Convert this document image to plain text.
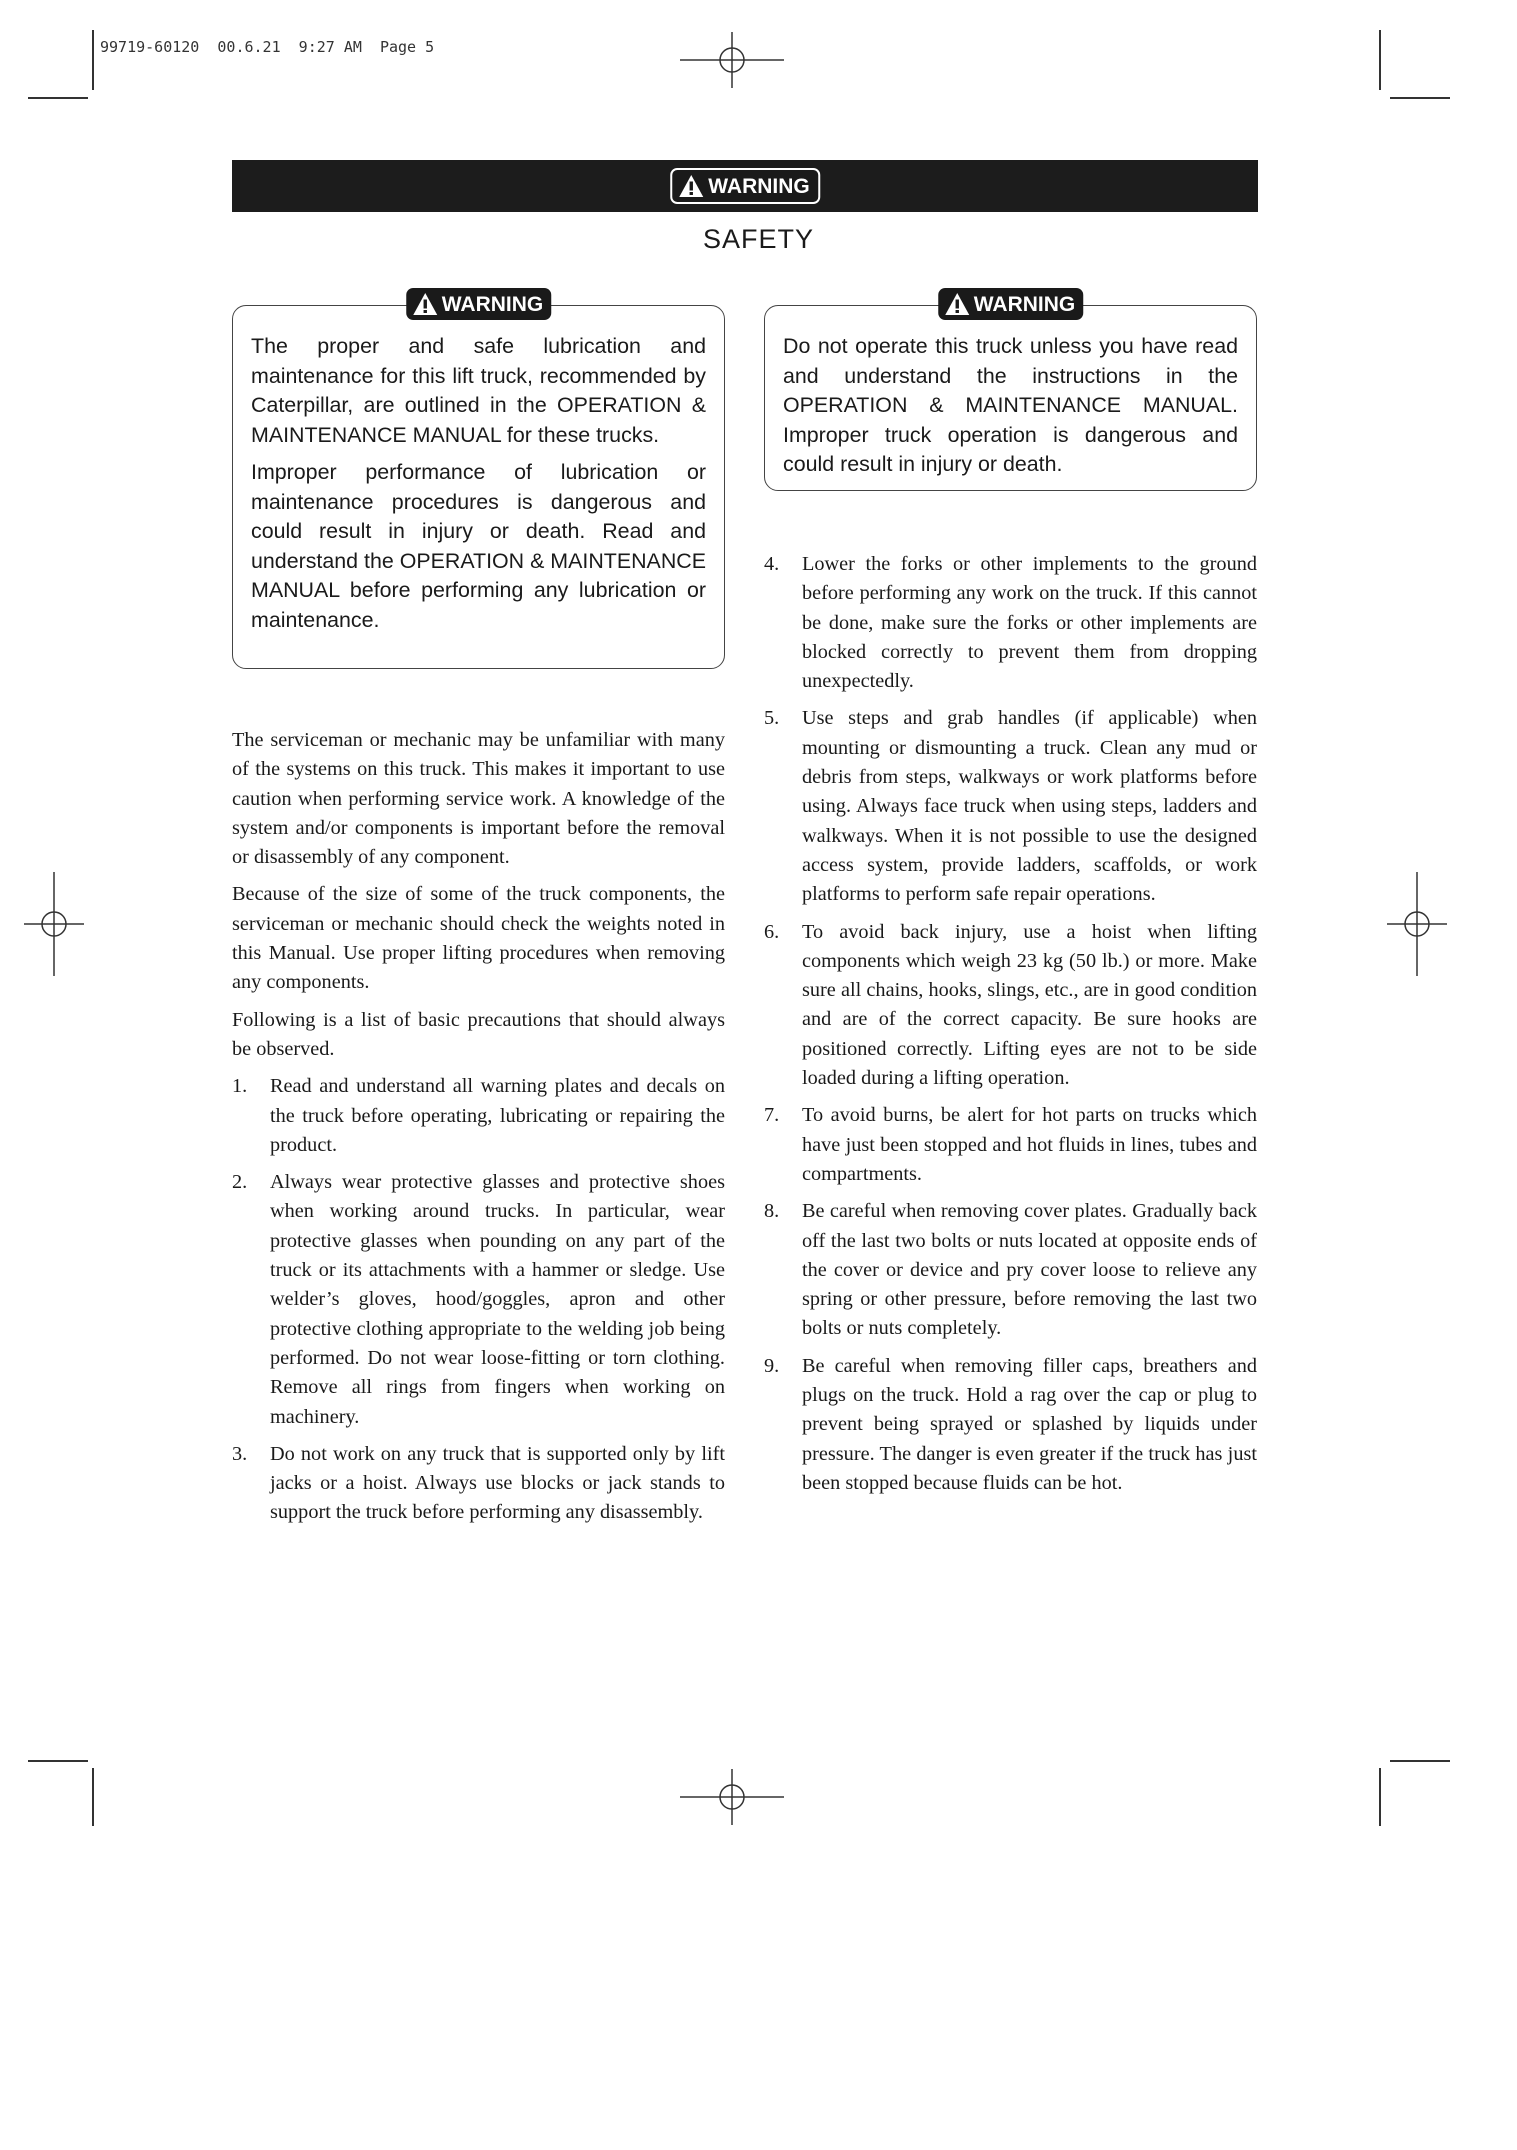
99719-60120  00.6.21  9:27 AM  Page 5
WARNING
SAFETY
WARNING

The proper and safe lubrication and maintenance for this lift truck, recommended by Caterpillar, are outlined in the OPERATION & MAINTENANCE MANUAL for these trucks.

Improper performance of lubrication or maintenance procedures is dangerous and could result in injury or death. Read and understand the OPERATION & MAINTENANCE MANUAL before performing any lubrication or maintenance.

WARNING

Do not operate this truck unless you have read and understand the instructions in the OPERATION & MAINTENANCE MANUAL. Improper truck operation is dangerous and could result in injury or death.

The serviceman or mechanic may be unfamiliar with many of the systems on this truck. This makes it important to use caution when performing service work. A knowledge of the system and/or components is important before the removal or disassembly of any component.

Because of the size of some of the truck components, the serviceman or mechanic should check the weights noted in this Manual. Use proper lifting procedures when removing any components.

Following is a list of basic precautions that should always be observed.

1.	Read and understand all warning plates and decals on the truck before operating, lubricating or repairing the product.
2.	Always wear protective glasses and protective shoes when working around trucks. In particular, wear protective glasses when pounding on any part of the truck or its attachments with a hammer or sledge. Use welder’s gloves, hood/goggles, apron and other protective clothing appropriate to the welding job being performed. Do not wear loose-fitting or torn clothing. Remove all rings from fingers when working on machinery.
3.	Do not work on any truck that is supported only by lift jacks or a hoist. Always use blocks or jack stands to support the truck before performing any disassembly.
4.	Lower the forks or other implements to the ground before performing any work on the truck. If this cannot be done, make sure the forks or other implements are blocked correctly to prevent them from dropping unexpectedly.
5.	Use steps and grab handles (if applicable) when mounting or dismounting a truck. Clean any mud or debris from steps, walkways or work platforms before using. Always face truck when using steps, ladders and walkways. When it is not possible to use the designed access system, provide ladders, scaffolds, or work platforms to perform safe repair operations.
6.	To avoid back injury, use a hoist when lifting components which weigh 23 kg (50 lb.) or more. Make sure all chains, hooks, slings, etc., are in good condition and are of the correct capacity. Be sure hooks are positioned correctly. Lifting eyes are not to be side loaded during a lifting operation.
7.	To avoid burns, be alert for hot parts on trucks which have just been stopped and hot fluids in lines, tubes and compartments.
8.	Be careful when removing cover plates. Gradually back off the last two bolts or nuts located at opposite ends of the cover or device and pry cover loose to relieve any spring or other pressure, before removing the last two bolts or nuts completely.
9.	Be careful when removing filler caps, breathers and plugs on the truck. Hold a rag over the cap or plug to prevent being sprayed or splashed by liquids under pressure. The danger is even greater if the truck has just been stopped because fluids can be hot.
